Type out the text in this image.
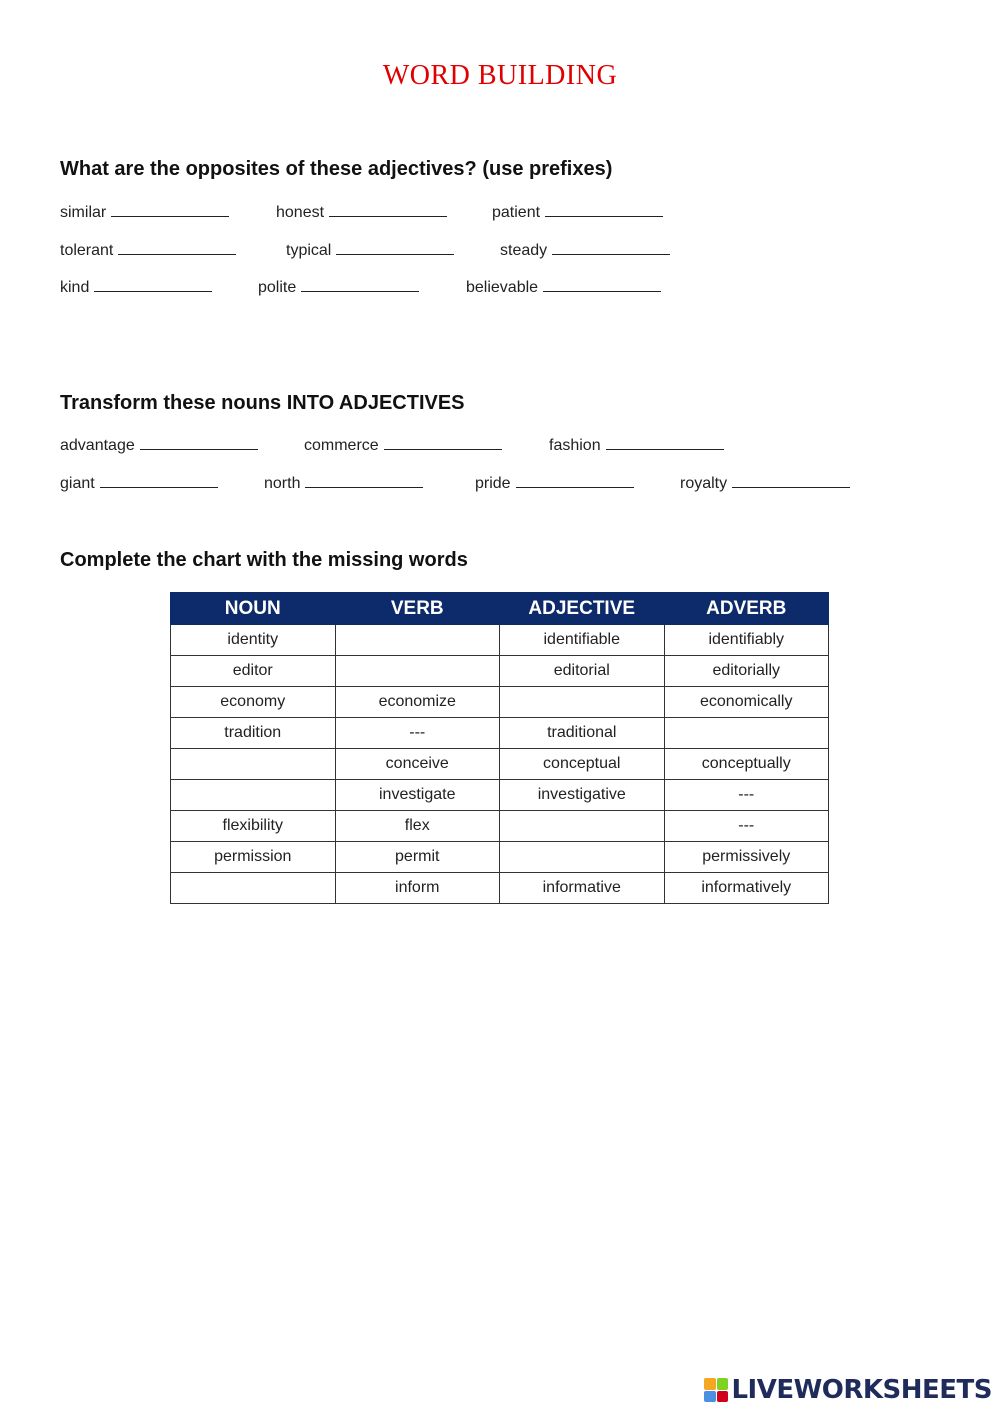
WORD BUILDING
What are the opposites of these adjectives? (use prefixes)
similar	honest	patient
tolerant	typical	steady
kind	polite	believable
Transform these nouns INTO ADJECTIVES
advantage	commerce	fashion
giant	north	pride	royalty
Complete the chart with the missing words
NOUN	VERB	ADJECTIVE	ADVERB
identity		identifiable	identifiably
editor		editorial	editorially
economy	economize		economically
tradition	---	traditional	
	conceive	conceptual	conceptually
	investigate	investigative	---
flexibility	flex		---
permission	permit		permissively
	inform	informative	informatively
LIVEWORKSHEETS
